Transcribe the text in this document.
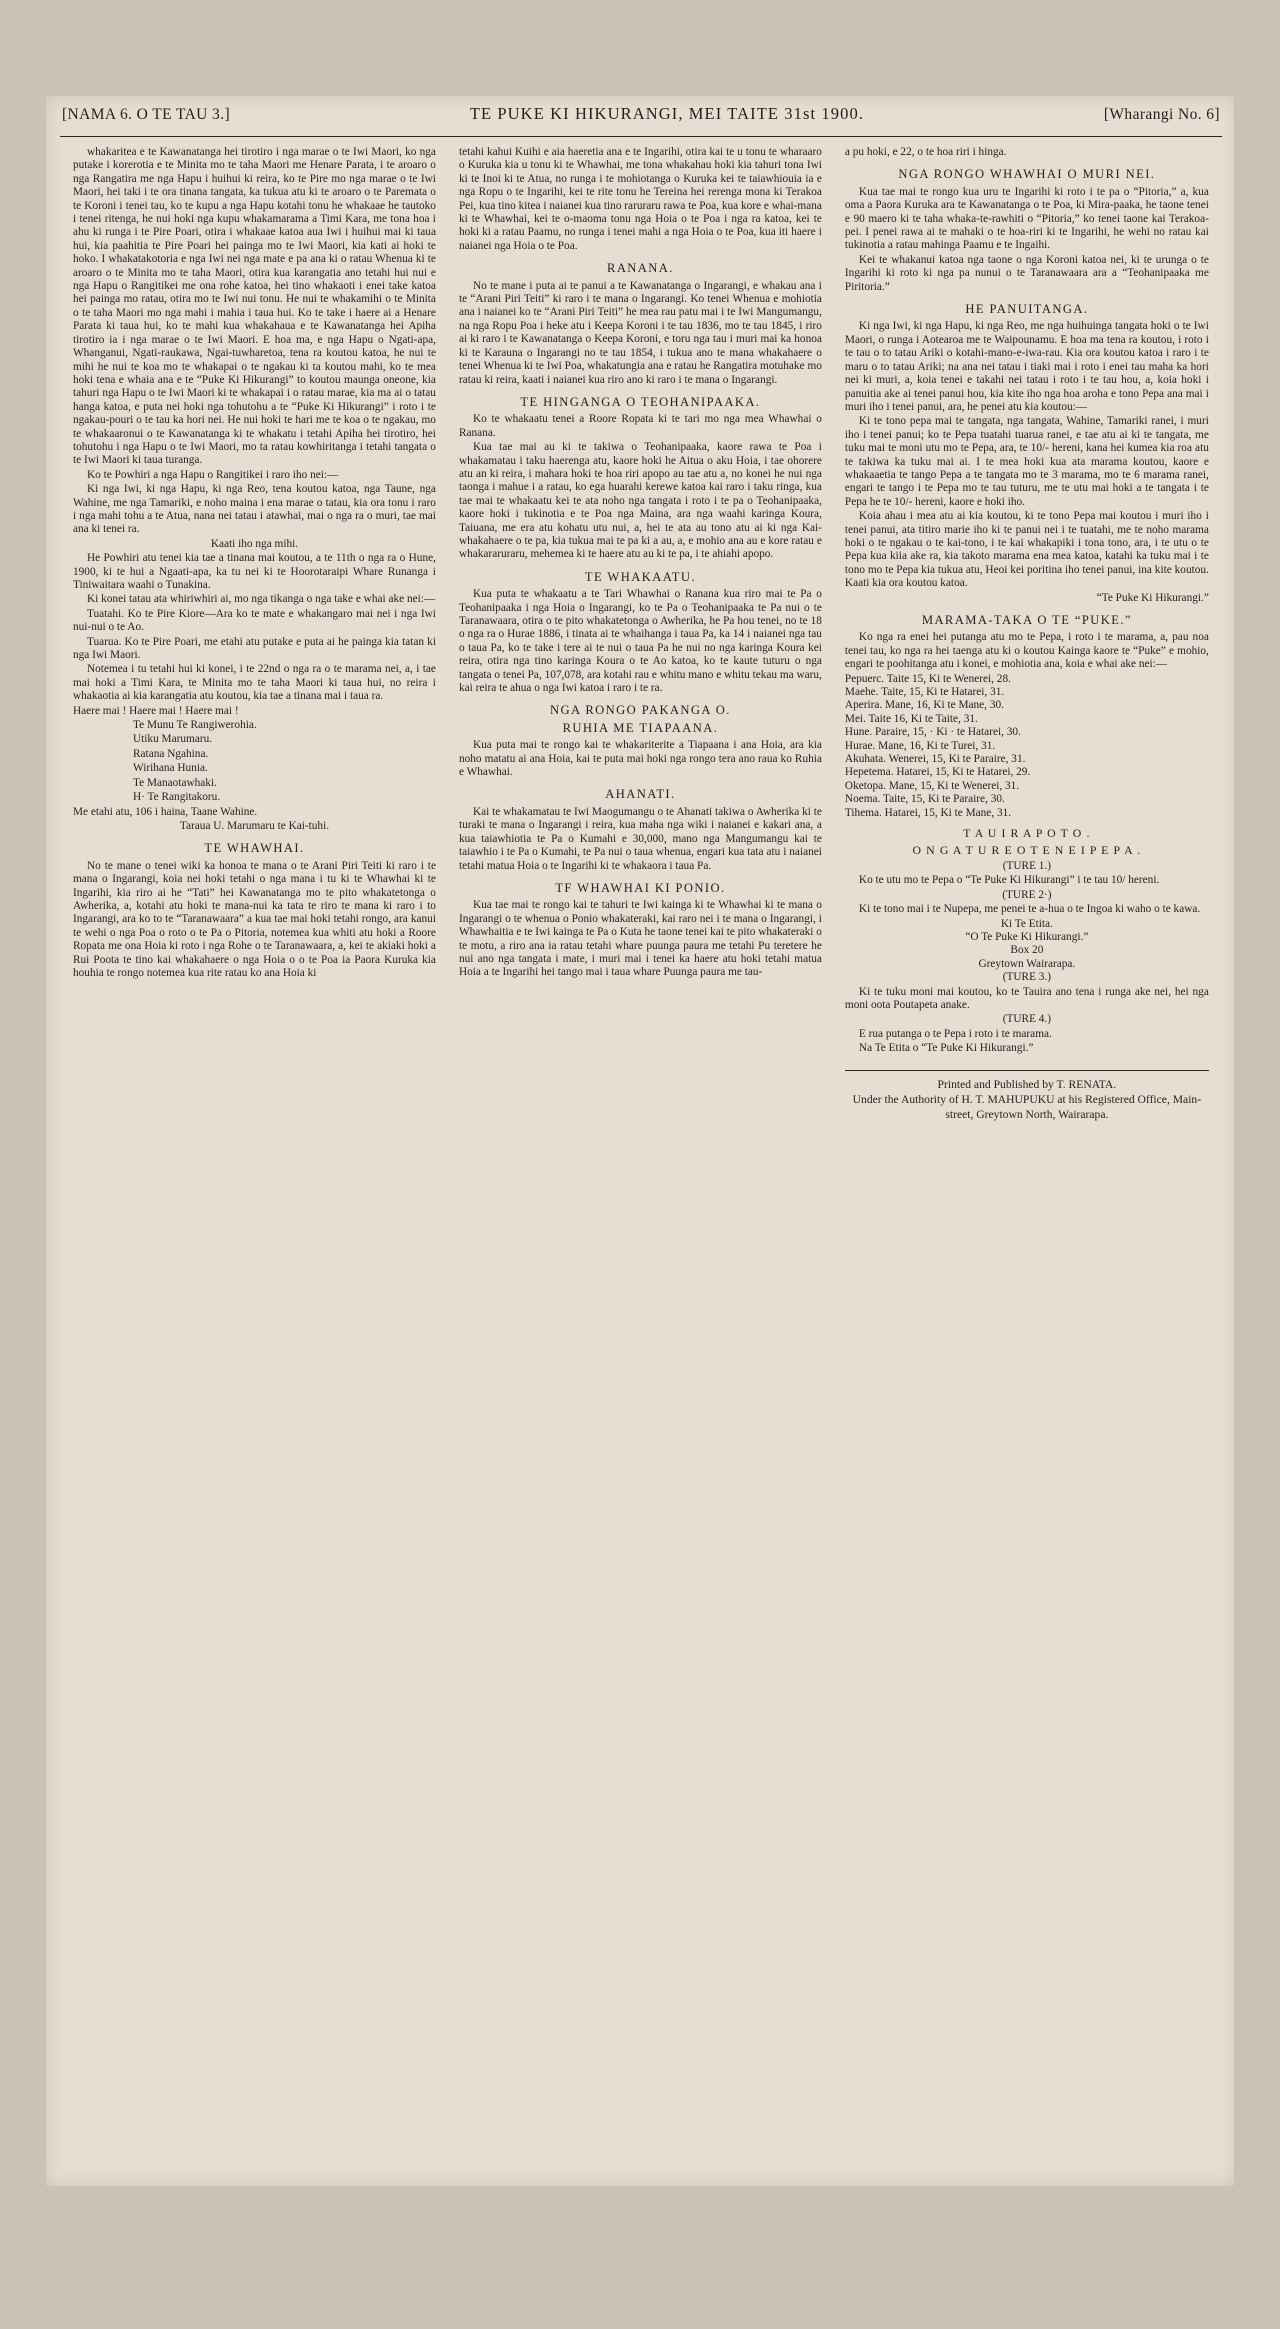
[NAMA 6. O TE TAU 3.]	TE PUKE KI HIKURANGI, MEI TAITE 31st 1900.	[Wharangi No. 6]

whakaritea e te Kawanatanga hei tirotiro i nga marae o te Iwi Maori, ko nga putake i korerotia e te Minita mo te taha Maori me Henare Parata, i te aroaro o nga Rangatira me nga Hapu i huihui ki reira, ko te Pire mo nga marae o te Iwi Maori, hei taki i te ora tinana tangata, ka tukua atu ki te aroaro o te Paremata o te Koroni i tenei tau, ko te kupu a nga Hapu kotahi tonu he whakaae he tautoko i tenei ritenga, he nui hoki nga kupu whakamarama a Timi Kara, me tona hoa i ahu ki runga i te Pire Poari, otira i whakaae katoa aua Iwi i huihui mai ki taua hui, kia paahitia te Pire Poari hei painga mo te Iwi Maori, kia kati ai hoki te hoko. I whakatakotoria e nga Iwi nei nga mate e pa ana ki o ratau Whenua ki te aroaro o te Minita mo te taha Maori, otira kua karangatia ano tetahi hui nui e nga Hapu o Rangitikei me ona rohe katoa, hei tino whakaoti i enei take katoa hei painga mo ratau, otira mo te Iwi nui tonu. He nui te whakamihi o te Minita o te taha Maori mo nga mahi i mahia i taua hui. Ko te take i haere ai a Henare Parata ki taua hui, ko te mahi kua whakahaua e te Kawanatanga hei Apiha tirotiro ia i nga marae o te Iwi Maori. E hoa ma, e nga Hapu o Ngati-apa, Whanganui, Ngati-raukawa, Ngai-tuwharetoa, tena ra koutou katoa, he nui te mihi he nui te koa mo te whakapai o te ngakau ki ta koutou mahi, ko te mea hoki tena e whaia ana e te “Puke Ki Hikurangi” to koutou maunga oneone, kia tahuri nga Hapu o te Iwi Maori ki te whakapai i o ratau marae, kia ma ai o tatau hanga katoa, e puta nei hoki nga tohutohu a te “Puke Ki Hikurangi” i roto i te ngakau-pouri o te tau ka hori nei. He nui hoki te hari me te koa o te ngakau, mo te whakaaronui o te Kawanatanga ki te whakatu i tetahi Apiha hei tirotiro, hei tohutohu i nga Hapu o te Iwi Maori, mo ta ratau kowhiritanga i tetahi tangata o te Iwi Maori ki taua turanga.

Ko te Powhiri a nga Hapu o Rangitikei i raro iho nei:—

Ki nga Iwi, ki nga Hapu, ki nga Reo, tena koutou katoa, nga Taune, nga Wahine, me nga Tamariki, e noho maina i ena marae o tatau, kia ora tonu i raro i nga mahi tohu a te Atua, nana nei tatau i atawhai, mai o nga ra o muri, tae mai ana ki tenei ra.

Kaati iho nga mihi.

He Powhiri atu tenei kia tae a tinana mai koutou, a te 11th o nga ra o Hune, 1900, ki te hui a Ngaati-apa, ka tu nei ki te Hoorotaraipi Whare Runanga i Tiniwaitara waahi o Tunakina.

Ki konei tatau ata whiriwhiri ai, mo nga tikanga o nga take e whai ake nei:—

Tuatahi. Ko te Pire Kiore—Ara ko te mate e whakangaro mai nei i nga Iwi nui-nui o te Ao.

Tuarua. Ko te Pire Poari, me etahi atu putake e puta ai he painga kia tatan ki nga Iwi Maori.

Notemea i tu tetahi hui ki konei, i te 22nd o nga ra o te marama nei, a, i tae mai hoki a Timi Kara, te Minita mo te taha Maori ki taua hui, no reira i whakaotia ai kia karangatia atu koutou, kia tae a tinana mai i taua ra.

Haere mai ! Haere mai ! Haere mai !

Te Munu Te Rangiwerohia.

Utiku Marumaru.

Ratana Ngahina.

Wirihana Hunia.

Te Manaotawhaki.

H· Te Rangitakoru.

Me etahi atu, 106 i haina, Taane Wahine.

Taraua U. Marumaru te Kai-tuhi.

TE WHAWHAI.

No te mane o tenei wiki ka honoa te mana o te Arani Piri Teiti ki raro i te mana o Ingarangi, koia nei hoki tetahi o nga mana i tu ki te Whawhai ki te Ingarihi, kia riro ai he “Tati” hei Kawanatanga mo te pito whakatetonga o Awherika, a, kotahi atu hoki te mana-nui ka tata te riro te mana ki raro i to Ingarangi, ara ko to te “Taranawaara” a kua tae mai hoki tetahi rongo, ara kanui te wehi o nga Poa o roto o te Pa o Pitoria, notemea kua whiti atu hoki a Roore Ropata me ona Hoia ki roto i nga Rohe o te Taranawaara, a, kei te akiaki hoki a Rui Poota te tino kai whakahaere o nga Hoia o o te Poa ia Paora Kuruka kia houhia te rongo notemea kua rite ratau ko ana Hoia ki

tetahi kahui Kuihi e aia haeretia ana e te Ingarihi, otira kai te u tonu te wharaaro o Kuruka kia u tonu ki te Whawhai, me tona whakahau hoki kia tahuri tona Iwi ki te Inoi ki te Atua, no runga i te mohiotanga o Kuruka kei te taiawhiouia ia e nga Ropu o te Ingarihi, kei te rite tonu he Tereina hei rerenga mona ki Terakoa Pei, kua tino kitea i naianei kua tino raruraru rawa te Poa, kua kore e whai-mana ki te Whawhai, kei te o-maoma tonu nga Hoia o te Poa i nga ra katoa, kei te hoki ki a ratau Paamu, no runga i tenei mahi a nga Hoia o te Poa, kua iti haere i naianei nga Hoia o te Poa.

RANANA.

No te mane i puta ai te panui a te Kawanatanga o Ingarangi, e whakau ana i te “Arani Piri Teiti” ki raro i te mana o Ingarangi. Ko tenei Whenua e mohiotia ana i naianei ko te “Arani Piri Teiti” he mea rau patu mai i te Iwi Mangumangu, na nga Ropu Poa i heke atu i Keepa Koroni i te tau 1836, mo te tau 1845, i riro ai ki raro i te Kawanatanga o Keepa Koroni, e toru nga tau i muri mai ka honoa ki te Karauna o Ingarangi no te tau 1854, i tukua ano te mana whakahaere o tenei Whenua ki te Iwi Poa, whakatungia ana e ratau he Rangatira motuhake mo ratau ki reira, kaati i naianei kua riro ano ki raro i te mana o Ingarangi.

TE HINGANGA O TEOHANIPAAKA.

Ko te whakaatu tenei a Roore Ropata ki te tari mo nga mea Whawhai o Ranana.

Kua tae mai au ki te takiwa o Teohanipaaka, kaore rawa te Poa i whakamatau i taku haerenga atu, kaore hoki he Aitua o aku Hoia, i tae ohorere atu an ki reira, i mahara hoki te hoa riri apopo au tae atu a, no konei he nui nga taonga i mahue i a ratau, ko ega huarahi kerewe katoa kai raro i taku ringa, kua tae mai te whakaatu kei te ata noho nga tangata i roto i te pa o Teohanipaaka, kaore hoki i tukinotia e te Poa nga Maina, ara nga waahi karinga Koura, Taiuana, me era atu kohatu utu nui, a, hei te ata au tono atu ai ki nga Kai-whakahaere o te pa, kia tukua mai te pa ki a au, a, e mohio ana au e kore ratau e whakararuraru, mehemea ki te haere atu au ki te pa, i te ahiahi apopo.

TE WHAKAATU.

Kua puta te whakaatu a te Tari Whawhai o Ranana kua riro mai te Pa o Teohanipaaka i nga Hoia o Ingarangi, ko te Pa o Teohanipaaka te Pa nui o te Taranawaara, otira o te pito whakatetonga o Awherika, he Pa hou tenei, no te 18 o nga ra o Hurae 1886, i tinata ai te whaihanga i taua Pa, ka 14 i naianei nga tau o taua Pa, ko te take i tere ai te nui o taua Pa he nui no nga karinga Koura kei reira, otira nga tino karinga Koura o te Ao katoa, ko te kaute tuturu o nga tangata o tenei Pa, 107,078, ara kotahi rau e whitu mano e whitu tekau ma waru, kai reira te ahua o nga Iwi katoa i raro i te ra.

NGA RONGO PAKANGA O.
RUHIA ME TIAPAANA.

Kua puta mai te rongo kai te whakariterite a Tiapaana i ana Hoia, ara kia noho matatu ai ana Hoia, kai te puta mai hoki nga rongo tera ano raua ko Ruhia e Whawhai.

AHANATI.

Kai te whakamatau te Iwi Maogumangu o te Ahanati takiwa o Awherika ki te turaki te mana o Ingarangi i reira, kua maha nga wiki i naianei e kakari ana, a kua taiawhiotia te Pa o Kumahi e 30,000, mano nga Mangumangu kai te taiawhio i te Pa o Kumahi, te Pa nui o taua whenua, engari kua tata atu i naianei tetahi matua Hoia o te Ingarihi ki te whakaora i taua Pa.

TF WHAWHAI KI PONIO.

Kua tae mai te rongo kai te tahuri te Iwi kainga ki te Whawhai ki te mana o Ingarangi o te whenua o Ponio whakateraki, kai raro nei i te mana o Ingarangi, i Whawhaitia e te Iwi kainga te Pa o Kuta he taone tenei kai te pito whakateraki o te motu, a riro ana ia ratau tetahi whare puunga paura me tetahi Pu teretere he nui ano nga tangata i mate, i muri mai i tenei ka haere atu hoki tetahi matua Hoia a te Ingarihi hei tango mai i taua whare Puunga paura me tau-

a pu hoki, e 22, o te hoa riri i hinga.

NGA RONGO WHAWHAI O MURI NEI.

Kua tae mai te rongo kua uru te Ingarihi ki roto i te pa o “Pitoria,” a, kua oma a Paora Kuruka ara te Kawanatanga o te Poa, ki Mira-paaka, he taone tenei e 90 maero ki te taha whaka-te-rawhiti o “Pitoria,” ko tenei taone kai Terakoa-pei. I penei rawa ai te mahaki o te hoa-riri ki te Ingarihi, he wehi no ratau kai tukinotia a ratau mahinga Paamu e te Ingaihi.

Kei te whakanui katoa nga taone o nga Koroni katoa nei, ki te urunga o te Ingarihi ki roto ki nga pa nunui o te Taranawaara ara a “Teohanipaaka me Piritoria.”

HE PANUITANGA.

Ki nga Iwi, ki nga Hapu, ki nga Reo, me nga huihuinga tangata hoki o te Iwi Maori, o runga i Aotearoa me te Waipounamu. E hoa ma tena ra koutou, i roto i te tau o to tatau Ariki o kotahi-mano-e-iwa-rau. Kia ora koutou katoa i raro i te maru o to tatau Ariki; na ana nei tatau i tiaki mai i roto i enei tau maha ka hori nei ki muri, a, koia tenei e takahi nei tatau i roto i te tau hou, a, koia hoki i panuitia ake ai tenei panui hou, kia kite iho nga hoa aroha e tono Pepa ana mai i muri iho i tenei panui, ara, he penei atu kia koutou:—

Ki te tono pepa mai te tangata, nga tangata, Wahine, Tamariki ranei, i muri iho i tenei panui; ko te Pepa tuatahi tuarua ranei, e tae atu ai ki te tangata, me tuku mai te moni utu mo te Pepa, ara, te 10/- hereni, kana hei kumea kia roa atu te takiwa ka tuku mai ai. I te mea hoki kua ata marama koutou, kaore e whakaaetia te tango Pepa a te tangata mo te 3 marama, mo te 6 marama ranei, engari te tango i te Pepa mo te tau tuturu, me te utu mai hoki a te tangata i te Pepa he te 10/- hereni, kaore e hoki iho.

Koia ahau i mea atu ai kia koutou, ki te tono Pepa mai koutou i muri iho i tenei panui, ata titiro marie iho ki te panui nei i te tuatahi, me te noho marama hoki o te ngakau o te kai-tono, i te kai whakapiki i tona tono, ara, i te utu o te Pepa kua kiia ake ra, kia takoto marama ena mea katoa, katahi ka tuku mai i te tono mo te Pepa kia tukua atu, Heoi kei poritina iho tenei panui, ina kite koutou. Kaati kia ora koutou katoa.

“Te Puke Ki Hikurangi.”

MARAMA-TAKA O TE “PUKE.”

Ko nga ra enei hei putanga atu mo te Pepa, i roto i te marama, a, pau noa tenei tau, ko nga ra hei taenga atu ki o koutou Kainga kaore te “Puke” e mohio, engari te poohitanga atu i konei, e mohiotia ana, koia e whai ake nei:—

Pepuerc. Taite 15, Ki te Wenerei, 28.

Maehe. Taite, 15, Ki te Hatarei, 31.

Aperira. Mane, 16, Ki te Mane, 30.

Mei. Taite 16, Ki te Taite, 31.

Hune. Paraire, 15, · Ki · te Hatarei, 30.

Hurae. Mane, 16, Ki te Turei, 31.

Akuhata. Wenerei, 15, Ki te Paraire, 31.

Hepetema. Hatarei, 15, Ki te Hatarei, 29.

Oketopa. Mane, 15, Ki te Wenerei, 31.

Noema. Taite, 15, Ki te Paraire, 30.

Tihema. Hatarei, 15, Ki te Mane, 31.

T A U I R A P O T O .
O N G A T U R E O T E N E I P E P A .

(TURE 1.)

Ko te utu mo te Pepa o “Te Puke Ki Hikurangi” i te tau 10/ hereni.

(TURE 2·)

Ki te tono mai i te Nupepa, me penei te a-hua o te Ingoa ki waho o te kawa.

Ki Te Etita.

“O Te Puke Ki Hikurangi.”

Box 20

Greytown Wairarapa.

(TURE 3.)

Ki te tuku moni mai koutou, ko te Tauira ano tena i runga ake nei, hei nga moni oota Poutapeta anake.

(TURE 4.)

E rua putanga o te Pepa i roto i te marama.

Na Te Etita o “Te Puke Ki Hikurangi.”

Printed and Published by T. RENATA.

Under the Authority of H. T. MAHUPUKU at his Registered Office, Main-street, Greytown North, Wairarapa.
